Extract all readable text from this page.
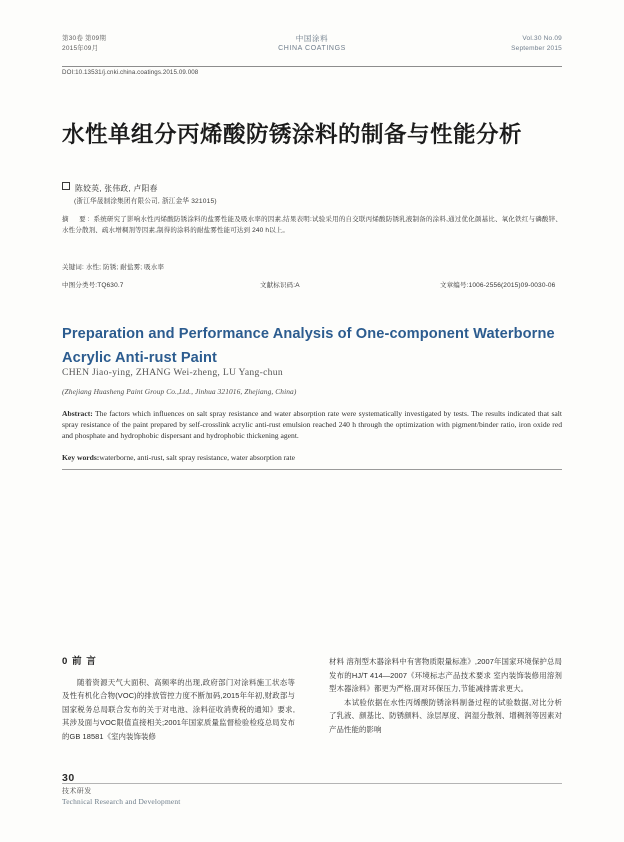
第30卷 第09期
2015年09月
中国涂料
CHINA COATINGS
Vol.30 No.09
September 2015
DOI:10.13531/j.cnki.china.coatings.2015.09.008
水性单组分丙烯酸防锈涂料的制备与性能分析
陈姣英, 张伟政, 卢阳春
(浙江华晟制涂集团有限公司, 浙江金华 321015)
摘　要: 系统研究了影响水性丙烯酸防锈涂料的盐雾性能及吸水率的因素,结果表明:试验采用的自交联丙烯酸防锈乳液制备的涂料,通过优化颜基比、氧化铁红与磷酸锌、水性分散剂、疏水增稠剂等因素,制得的涂料的耐盐雾性能可达到 240 h以上。
关键词: 水性; 防锈; 耐盐雾; 吸水率
中图分类号:TQ630.7	文献标识码:A	文章编号:1006-2556(2015)09-0030-06
Preparation and Performance Analysis of One-component Waterborne Acrylic Anti-rust Paint
CHEN Jiao-ying, ZHANG Wei-zheng, LU Yang-chun
(Zhejiang Huasheng Paint Group Co.,Ltd., Jinhua 321016, Zhejiang, China)
Abstract: The factors which influences on salt spray resistance and water absorption rate were systematically investigated by tests. The results indicated that salt spray resistance of the paint prepared by self-crosslink acrylic anti-rust emulsion reached 240 h through the optimization with pigment/binder ratio, iron oxide red and phosphate and hydrophobic dispersant and hydrophobic thickening agent.
Key words:waterborne, anti-rust, salt spray resistance, water absorption rate
0 前 言
随着资源天气大面积、高频率的出现,政府部门对涂料施工状态等及性有机化合物(VOC)的排放管控力度不断加码,2015年年初,财政部与国家税务总局联合发布的关于对电池、涂料征收消费税的通知》要求,其涉及面与VOC限值直接相关;2001年国家质量监督检验检疫总局发布的GB 18581《室内装饰装修
材料 溶剂型木器涂料中有害物质限量标准》,2007年国家环境保护总局发布的HJ/T 414—2007《环境标志产品技术要求 室内装饰装修用溶剂型木器涂料》都更为严格,面对环保压力,节能减排需求更大。
本试验依据在水性丙烯酸防锈涂料制备过程的试验数据,对比分析了乳液、颜基比、防锈颜料、涂层厚度、润湿分散剂、增稠剂等因素对产品性能的影响
30
技术研发
Technical Research and Development
